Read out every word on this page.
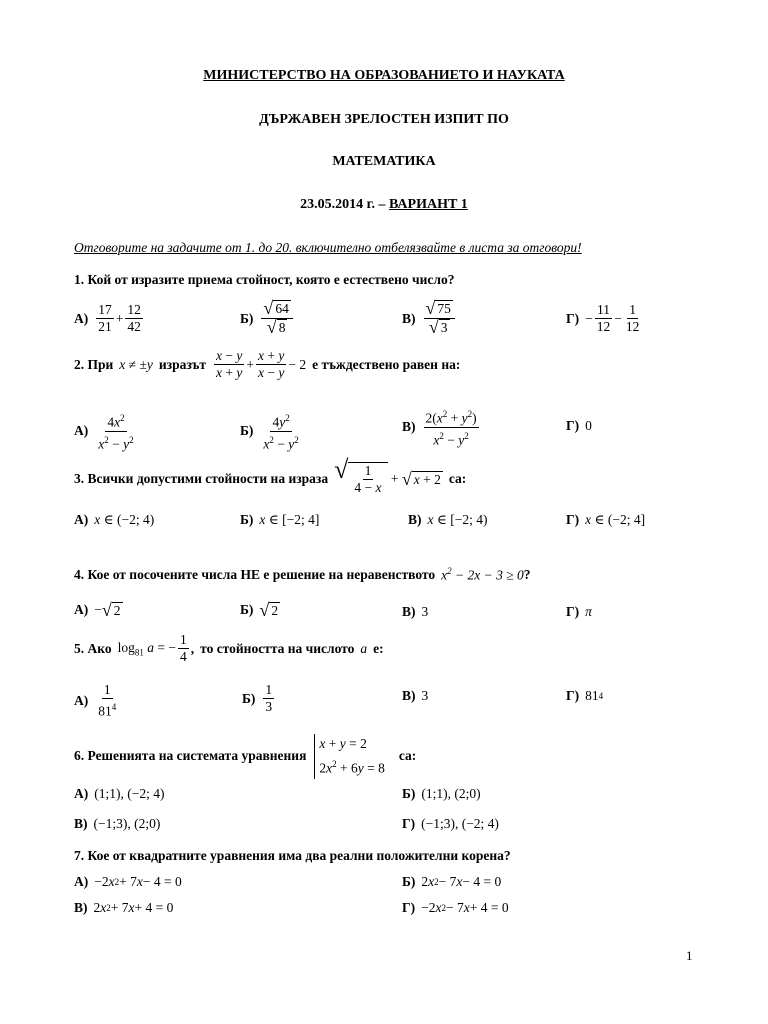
МИНИСТЕРСТВО НА ОБРАЗОВАНИЕТО И НАУКАТА
ДЪРЖАВЕН ЗРЕЛОСТЕН ИЗПИТ ПО
МАТЕМАТИКА
23.05.2014 г. – ВАРИАНТ 1
Отговорите на задачите от 1. до 20. включително отбелязвайте в листа за отговори!
1. Кой от изразите приема стойност, която е естествено число?
$А) \frac{17}{21} + \frac{12}{42}$	$Б) \frac{√ 64}{√ 8}$	$В) \frac{√ 75}{√ 3}$	$Г) - \frac{11}{12} - \frac{1}{12}$
2. При x ≠ ± y изразът $\frac{x - y}{x + y} + \frac{x + y}{x - y} - 2$ е тъждествено равен на:
$А) \frac{4x^2}{x^2 - y^2}$	$Б) \frac{4y^2}{x^2 - y^2}$	$В) \frac{2(x^2 + y^2)}{x^2 - y^2}$	Г) 0
3. Всички допустими стойности на израза √ $\frac{1}{4 - x}$ + √ x + 2 са:
А) x ∈ (−2; 4)	Б) x ∈ [−2; 4]	В) x ∈ [−2; 4)	Г) x ∈ (−2; 4]
4. Кое от посочените числа НЕ е решение на неравенството $x^2 - 2x - 3 \ge 0$ ?
А) − √ 2	Б) √ 2	В) 3	Г) π
5. Ако $\log_{81} a$ = − $\frac{1}{4}$ , то стойността на числото a е:
$А) \frac{1}{81^4}$	$Б) \frac{1}{3}$	В) 3	Г) 81 4
6. Решенията на системата уравнения
x + y = 2
$2x^2 + 6y = 8$
са:
А) (1;1), (−2; 4)	Б) (1;1), (2;0)
В) (−1;3), (2;0)	Г) (−1;3), (−2; 4)
7. Кое от квадратните уравнения има два реални положителни корена?
А) −2 x 2 + 7 x − 4 = 0	Б) 2 x 2 − 7 x − 4 = 0
В) 2 x 2 + 7 x + 4 = 0	Г) −2 x 2 − 7 x + 4 = 0
1
